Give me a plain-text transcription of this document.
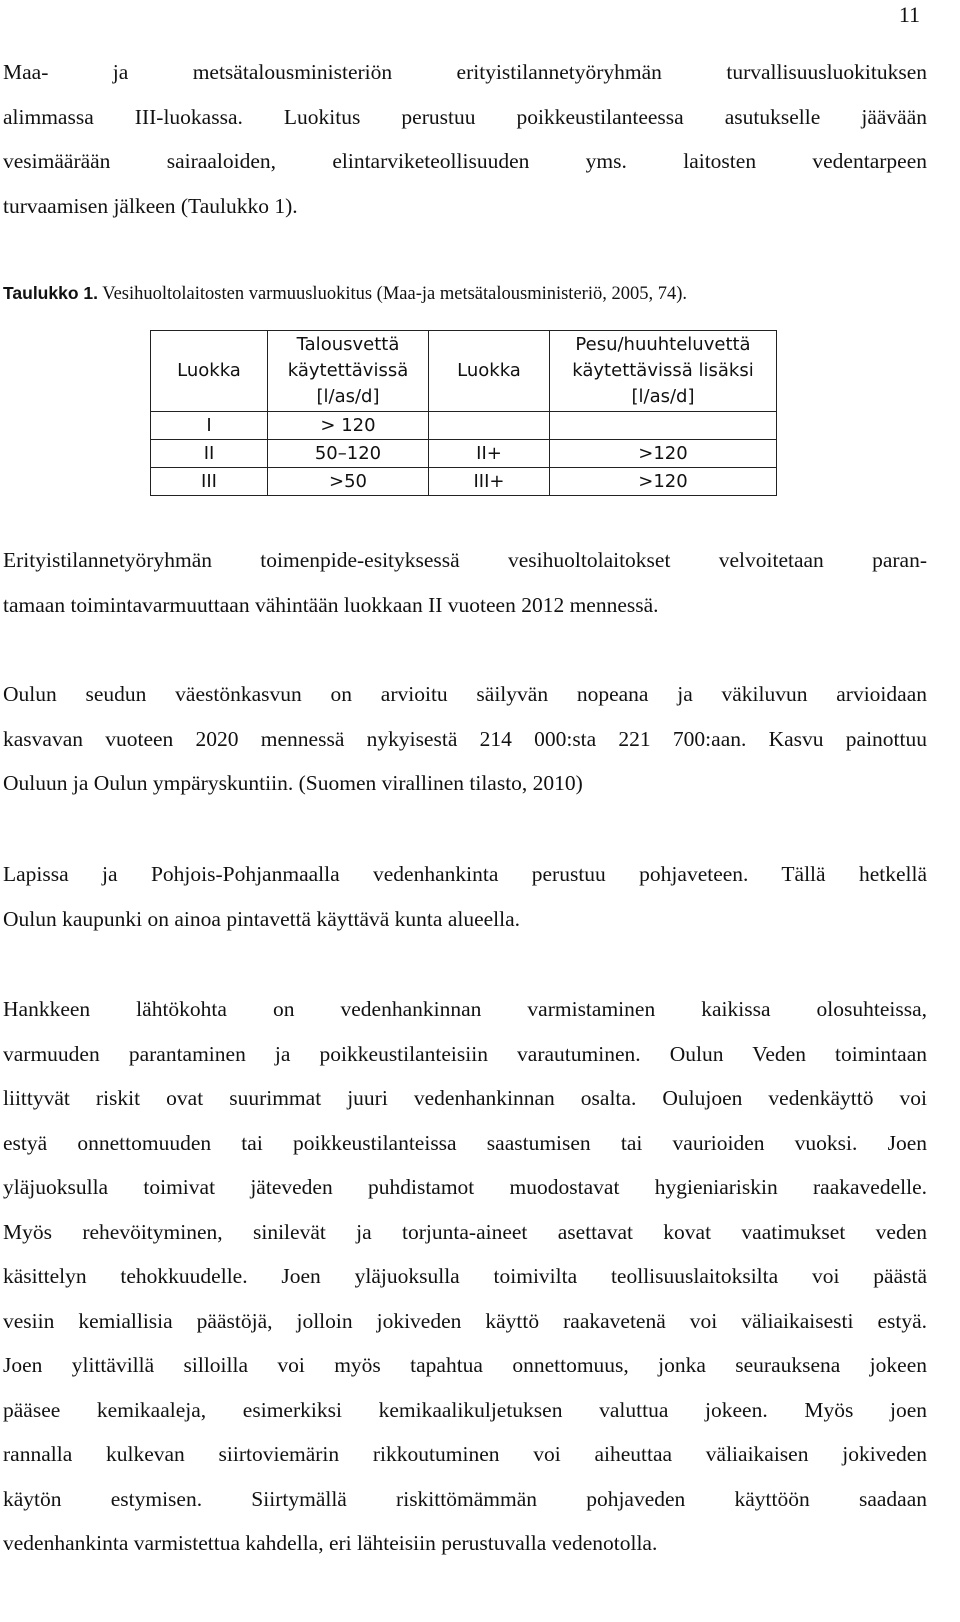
11

Maa- ja metsätalousministeriön erityistilannetyöryhmän turvallisuusluokituksen
alimmassa III-luokassa. Luokitus perustuu poikkeustilanteessa asutukselle jäävään
vesimäärään sairaaloiden, elintarviketeollisuuden yms. laitosten vedentarpeen
turvaamisen jälkeen (Taulukko 1).

Taulukko 1. Vesihuoltolaitosten varmuusluokitus (Maa-ja metsätalousministeriö, 2005, 74).
Luokka	Talousvettä käytettävissä [l/as/d]	Luokka	Pesu/huuhteluvettä käytettävissä lisäksi [l/as/d]
I	> 120		
II	50–120	II+	>120
III	>50	III+	>120

Erityistilannetyöryhmän toimenpide-esityksessä vesihuoltolaitokset velvoitetaan paran-
tamaan toimintavarmuuttaan vähintään luokkaan II vuoteen 2012 mennessä.

Oulun seudun väestönkasvun on arvioitu säilyvän nopeana ja väkiluvun arvioidaan
kasvavan vuoteen 2020 mennessä nykyisestä 214 000:sta 221 700:aan. Kasvu painottuu
Ouluun ja Oulun ympäryskuntiin. (Suomen virallinen tilasto, 2010)

Lapissa ja Pohjois-Pohjanmaalla vedenhankinta perustuu pohjaveteen. Tällä hetkellä
Oulun kaupunki on ainoa pintavettä käyttävä kunta alueella.

Hankkeen lähtökohta on vedenhankinnan varmistaminen kaikissa olosuhteissa,
varmuuden parantaminen ja poikkeustilanteisiin varautuminen. Oulun Veden toimintaan
liittyvät riskit ovat suurimmat juuri vedenhankinnan osalta. Oulujoen vedenkäyttö voi
estyä onnettomuuden tai poikkeustilanteissa saastumisen tai vaurioiden vuoksi. Joen
yläjuoksulla toimivat jäteveden puhdistamot muodostavat hygieniariskin raakavedelle.
Myös rehevöityminen, sinilevät ja torjunta-aineet asettavat kovat vaatimukset veden
käsittelyn tehokkuudelle. Joen yläjuoksulla toimivilta teollisuuslaitoksilta voi päästä
vesiin kemiallisia päästöjä, jolloin jokiveden käyttö raakavetenä voi väliaikaisesti estyä.
Joen ylittävillä silloilla voi myös tapahtua onnettomuus, jonka seurauksena jokeen
pääsee kemikaaleja, esimerkiksi kemikaalikuljetuksen valuttua jokeen. Myös joen
rannalla kulkevan siirtoviemärin rikkoutuminen voi aiheuttaa väliaikaisen jokiveden
käytön estymisen. Siirtymällä riskittömämmän pohjaveden käyttöön saadaan
vedenhankinta varmistettua kahdella, eri lähteisiin perustuvalla vedenotolla.
